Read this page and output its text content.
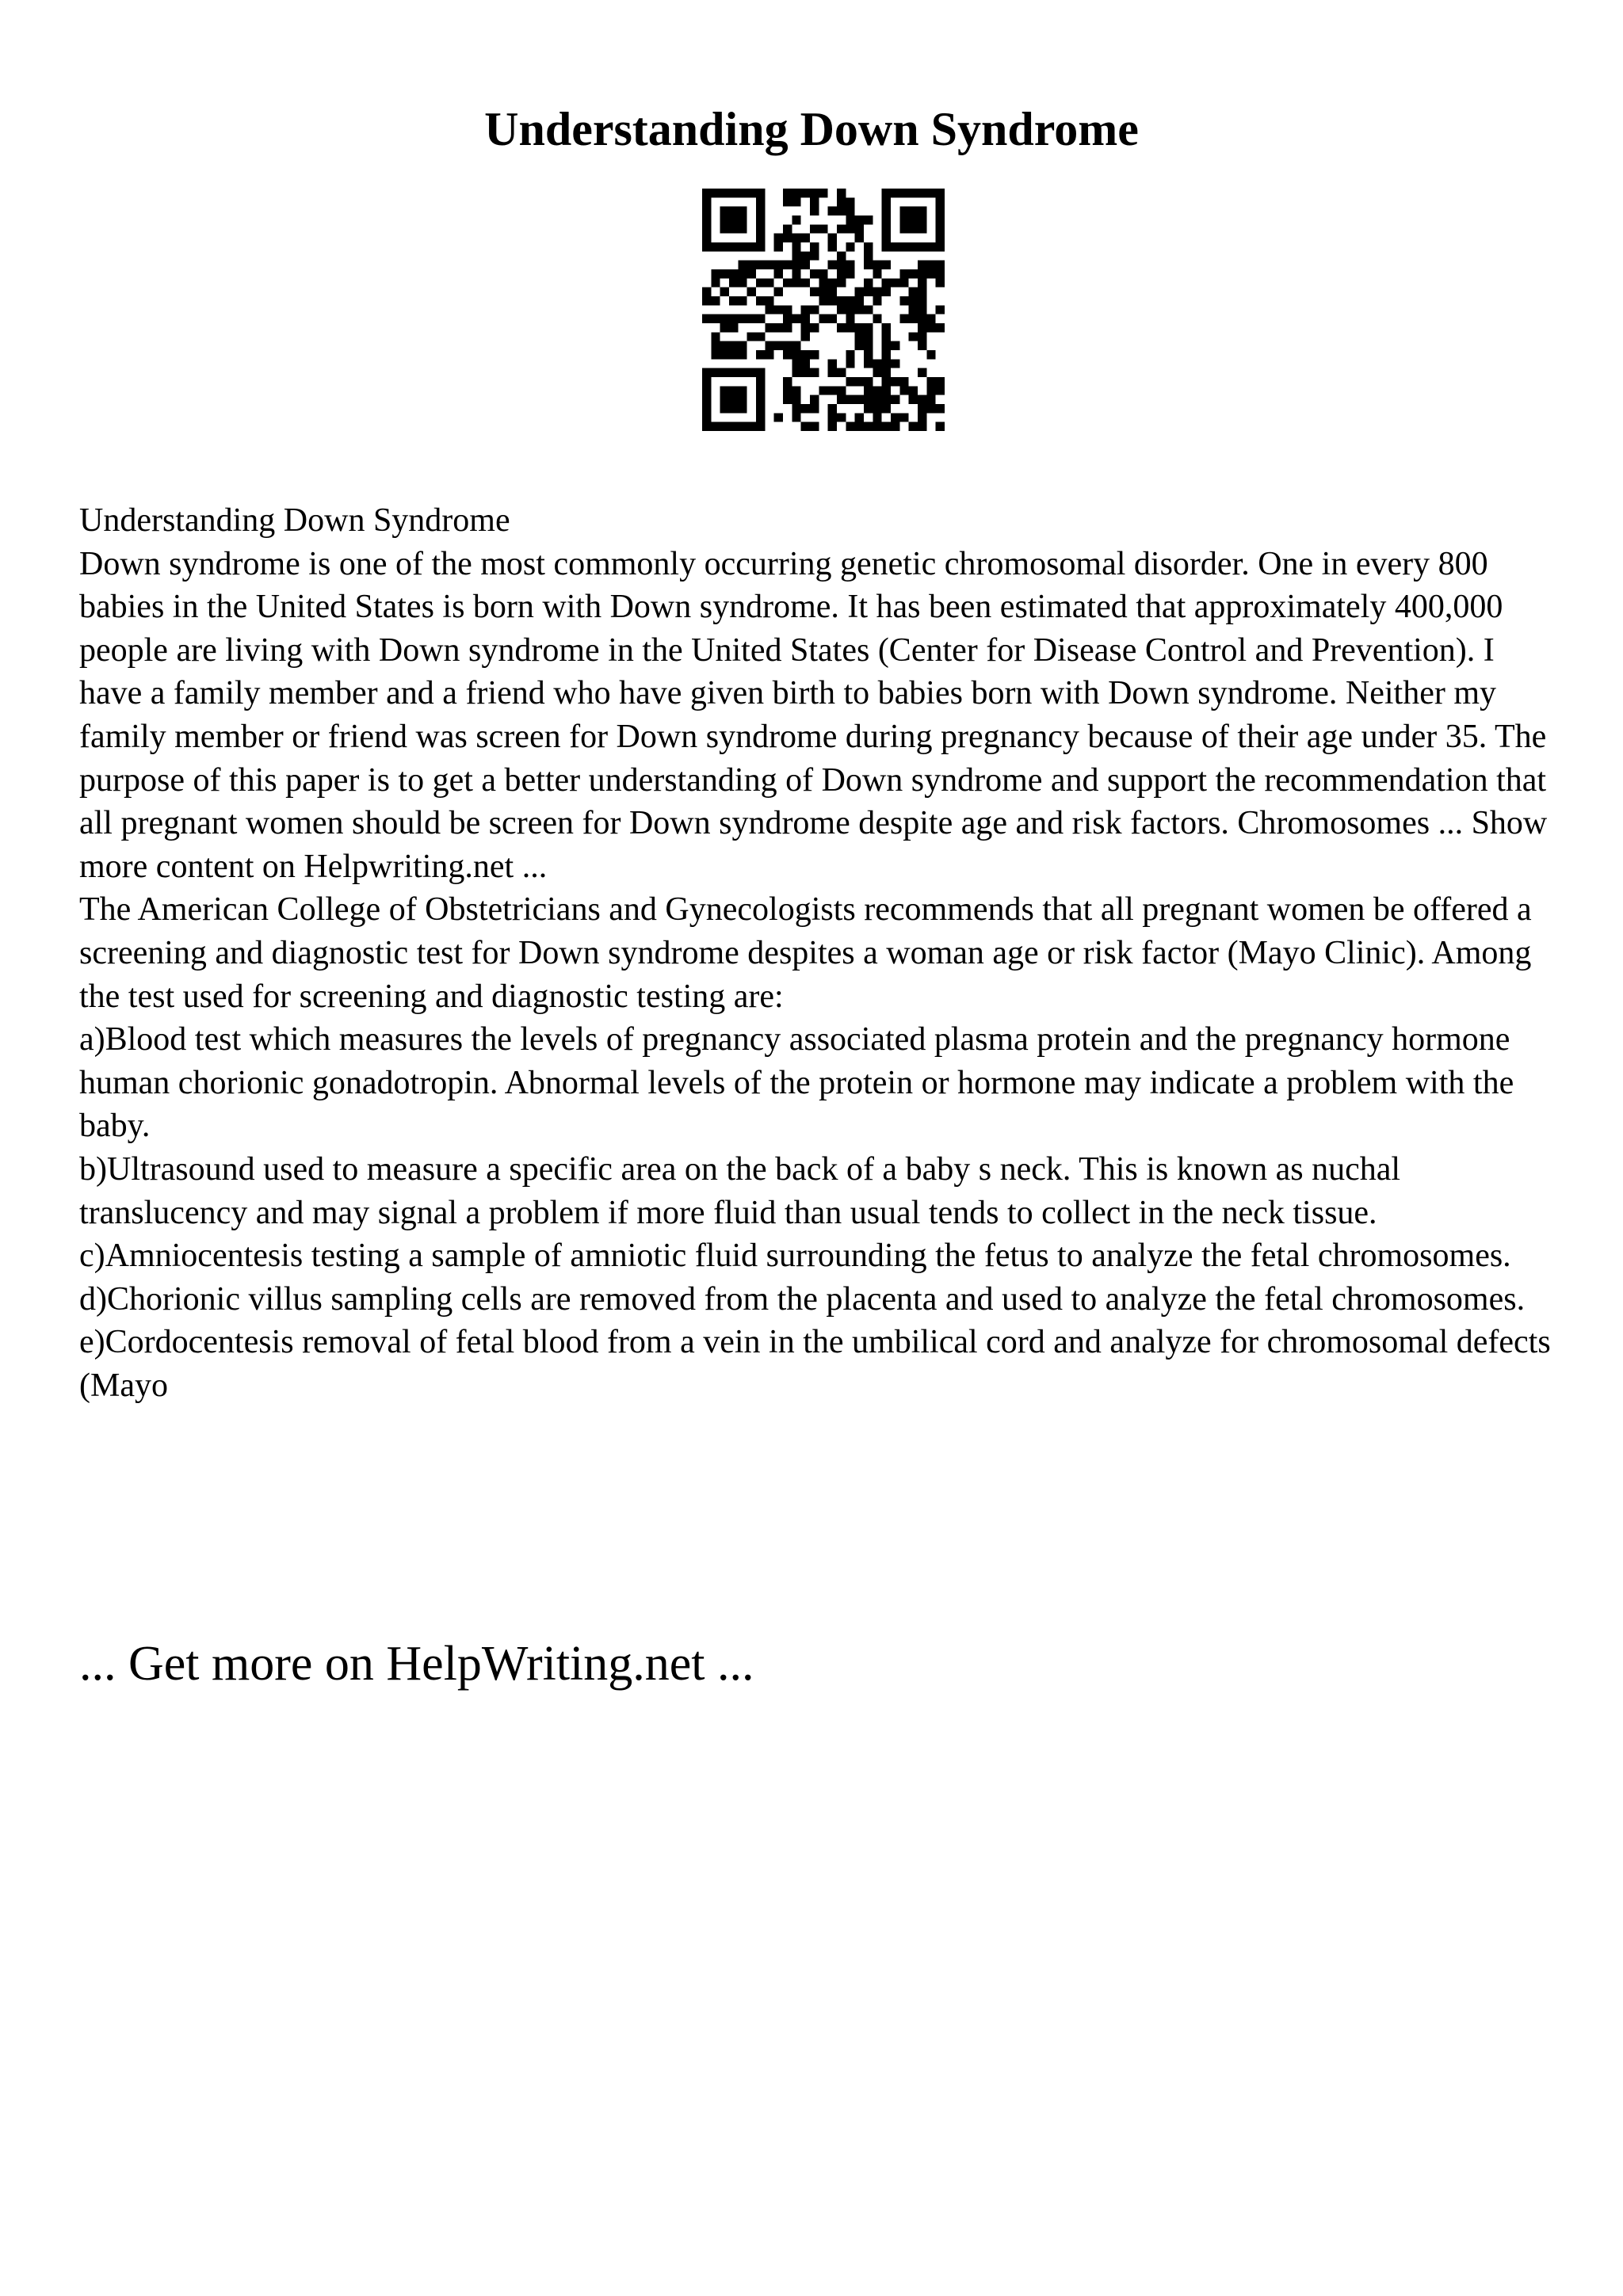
Understanding Down Syndrome

Understanding Down Syndrome

Down syndrome is one of the most commonly occurring genetic chromosomal disorder. One in every 800 babies in the United States is born with Down syndrome. It has been estimated that approximately 400,000 people are living with Down syndrome in the United States (Center for Disease Control and Prevention). I have a family member and a friend who have given birth to babies born with Down syndrome. Neither my family member or friend was screen for Down syndrome during pregnancy because of their age under 35. The purpose of this paper is to get a better understanding of Down syndrome and support the recommendation that all pregnant women should be screen for Down syndrome despite age and risk factors. Chromosomes ... Show more content on Helpwriting.net ...

The American College of Obstetricians and Gynecologists recommends that all pregnant women be offered a screening and diagnostic test for Down syndrome despites a woman age or risk factor (Mayo Clinic). Among the test used for screening and diagnostic testing are:

a)Blood test which measures the levels of pregnancy associated plasma protein and the pregnancy hormone human chorionic gonadotropin. Abnormal levels of the protein or hormone may indicate a problem with the baby.

b)Ultrasound used to measure a specific area on the back of a baby s neck. This is known as nuchal translucency and may signal a problem if more fluid than usual tends to collect in the neck tissue.

c)Amniocentesis testing a sample of amniotic fluid surrounding the fetus to analyze the fetal chromosomes.

d)Chorionic villus sampling cells are removed from the placenta and used to analyze the fetal chromosomes.

e)Cordocentesis removal of fetal blood from a vein in the umbilical cord and analyze for chromosomal defects (Mayo

... Get more on HelpWriting.net ...
